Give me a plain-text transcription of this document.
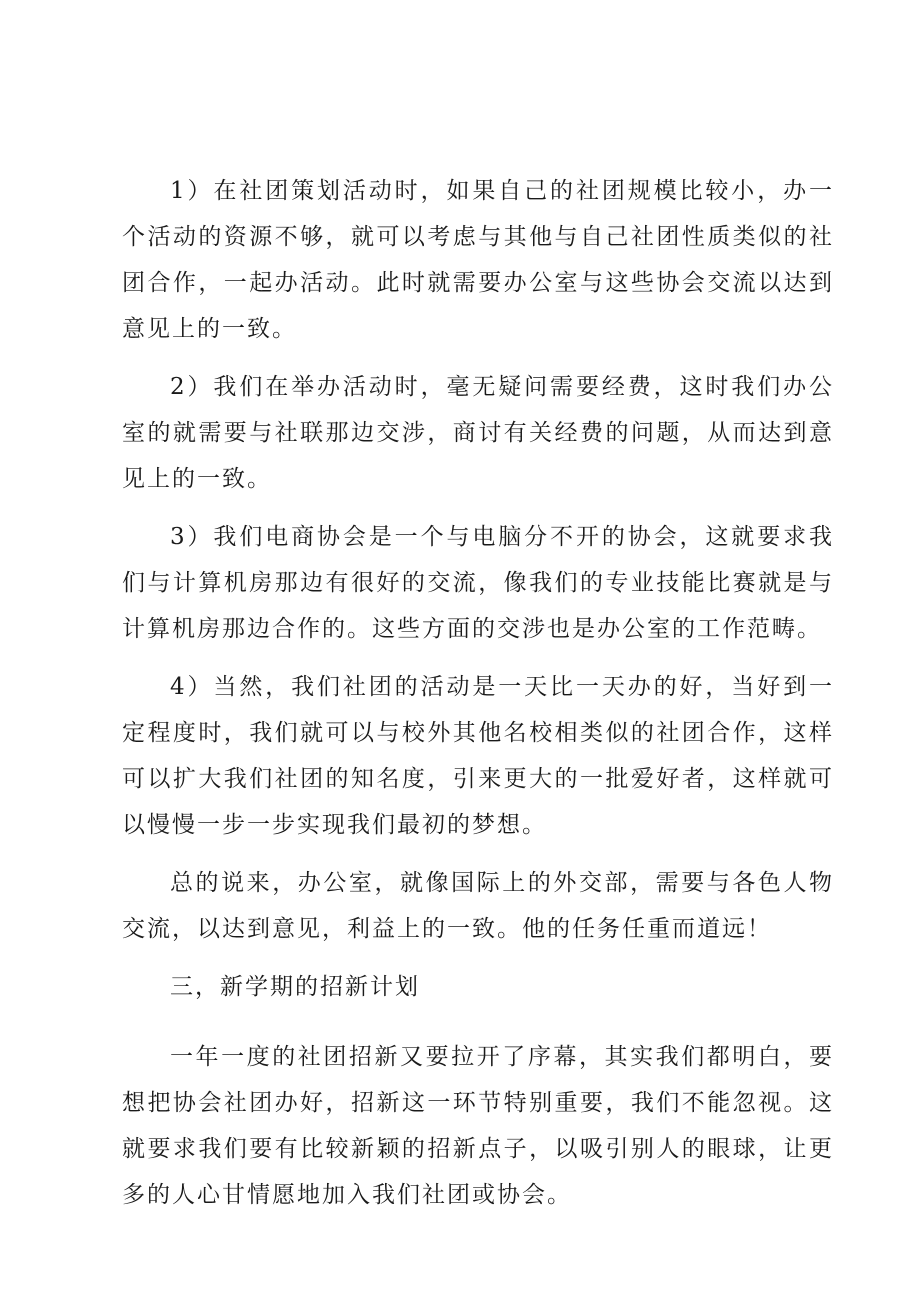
1）在社团策划活动时，如果自己的社团规模比较小，办一个活动的资源不够，就可以考虑与其他与自己社团性质类似的社团合作，一起办活动。此时就需要办公室与这些协会交流以达到意见上的一致。

2）我们在举办活动时，毫无疑问需要经费，这时我们办公室的就需要与社联那边交涉，商讨有关经费的问题，从而达到意见上的一致。

3）我们电商协会是一个与电脑分不开的协会，这就要求我们与计算机房那边有很好的交流，像我们的专业技能比赛就是与计算机房那边合作的。这些方面的交涉也是办公室的工作范畴。

4）当然，我们社团的活动是一天比一天办的好，当好到一定程度时，我们就可以与校外其他名校相类似的社团合作，这样可以扩大我们社团的知名度，引来更大的一批爱好者，这样就可以慢慢一步一步实现我们最初的梦想。

总的说来，办公室，就像国际上的外交部，需要与各色人物交流，以达到意见，利益上的一致。他的任务任重而道远！

三，新学期的招新计划

一年一度的社团招新又要拉开了序幕，其实我们都明白，要想把协会社团办好，招新这一环节特别重要，我们不能忽视。这就要求我们要有比较新颖的招新点子，以吸引别人的眼球，让更多的人心甘情愿地加入我们社团或协会。
